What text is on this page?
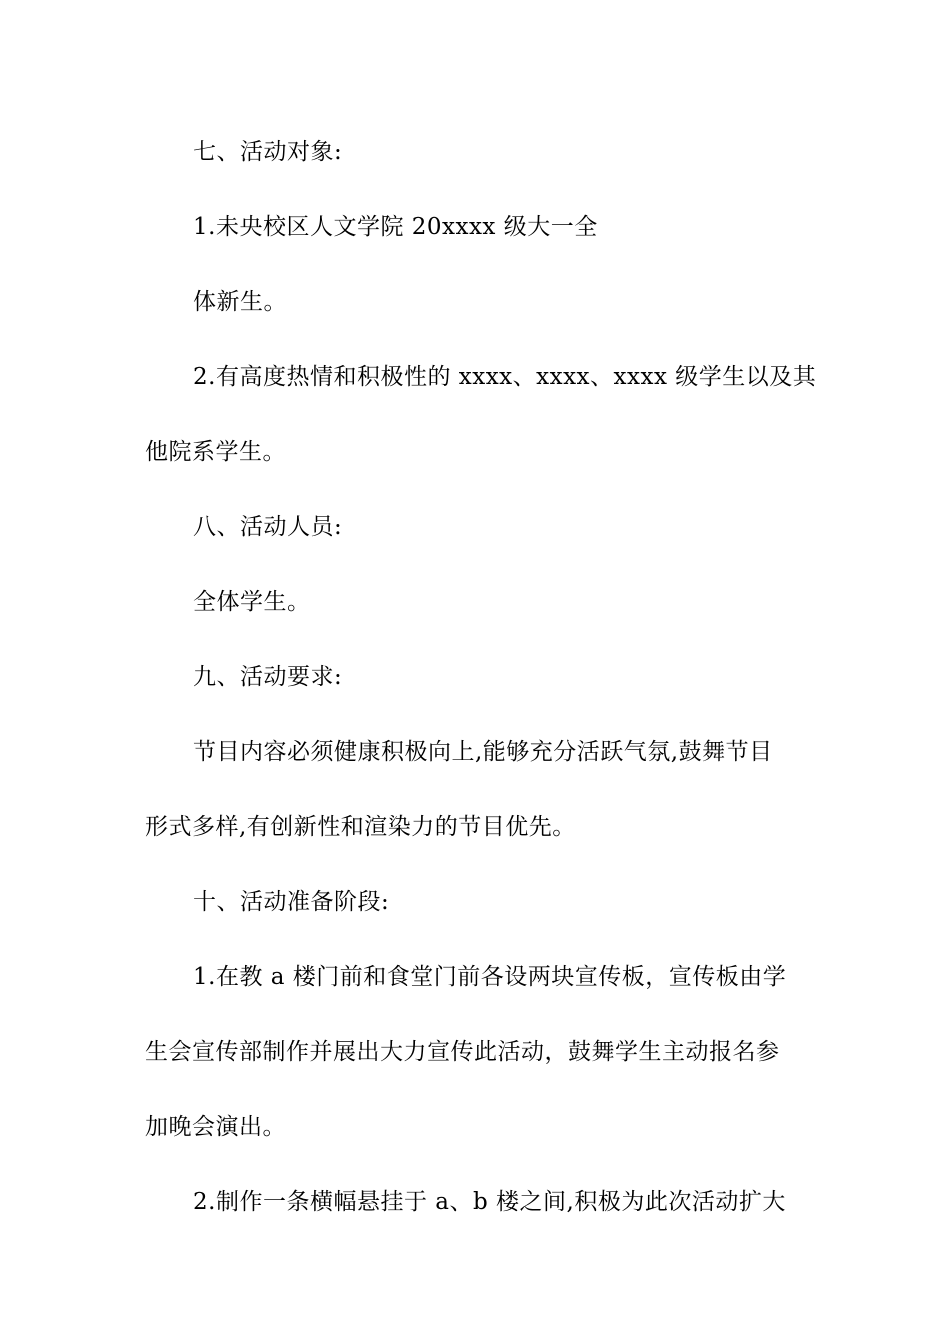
七、活动对象:
1.未央校区人文学院 20xxxx 级大一全
体新生。
2.有高度热情和积极性的 xxxx、xxxx、xxxx 级学生以及其
他院系学生。
八、活动人员:
全体学生。
九、活动要求:
节目内容必须健康积极向上,能够充分活跃气氛,鼓舞节目
形式多样,有创新性和渲染力的节目优先。
十、活动准备阶段:
1.在教 a 楼门前和食堂门前各设两块宣传板，宣传板由学
生会宣传部制作并展出大力宣传此活动，鼓舞学生主动报名参
加晚会演出。
2.制作一条横幅悬挂于 a、b 楼之间,积极为此次活动扩大
